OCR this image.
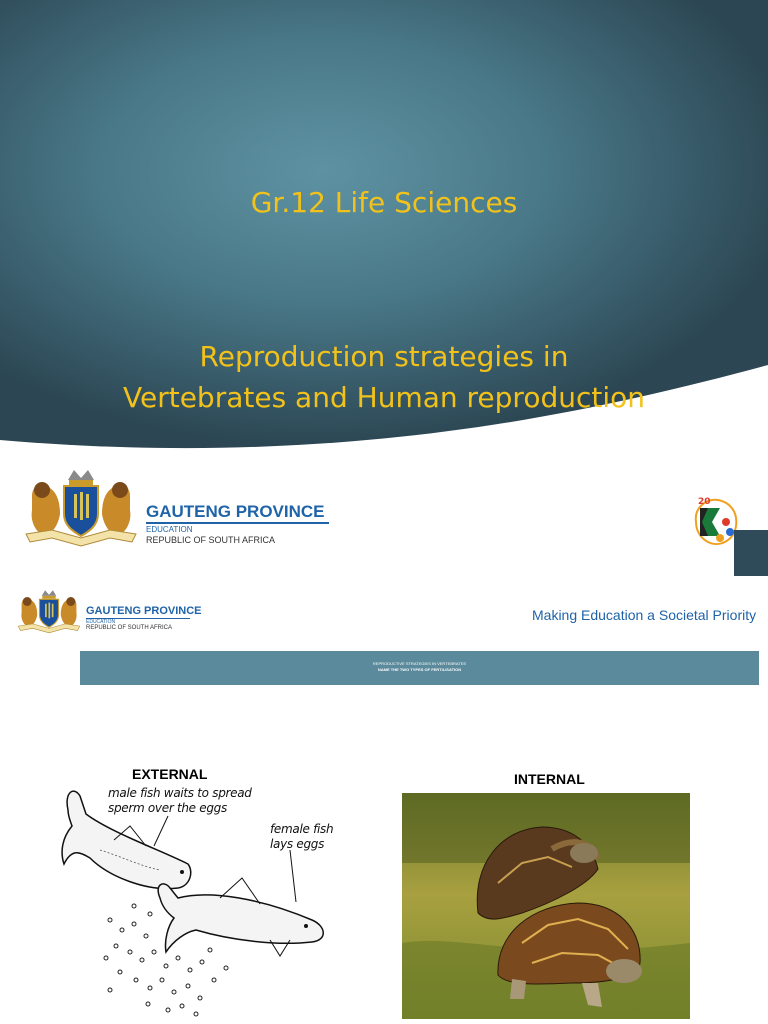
Gr.12 Life Sciences
Reproduction strategies in
Vertebrates and Human reproduction
GAUTENG PROVINCE
EDUCATION
REPUBLIC OF SOUTH AFRICA
20
GAUTENG PROVINCE
EDUCATION
REPUBLIC OF SOUTH AFRICA
Making Education a Societal Priority
REPRODUCTIVE STRATEGIES IN VERTEBRATES
NAME THE TWO TYPES OF FERTILISATION
EXTERNAL
male fish waits to spread
sperm over the eggs
female fish
lays eggs
INTERNAL
